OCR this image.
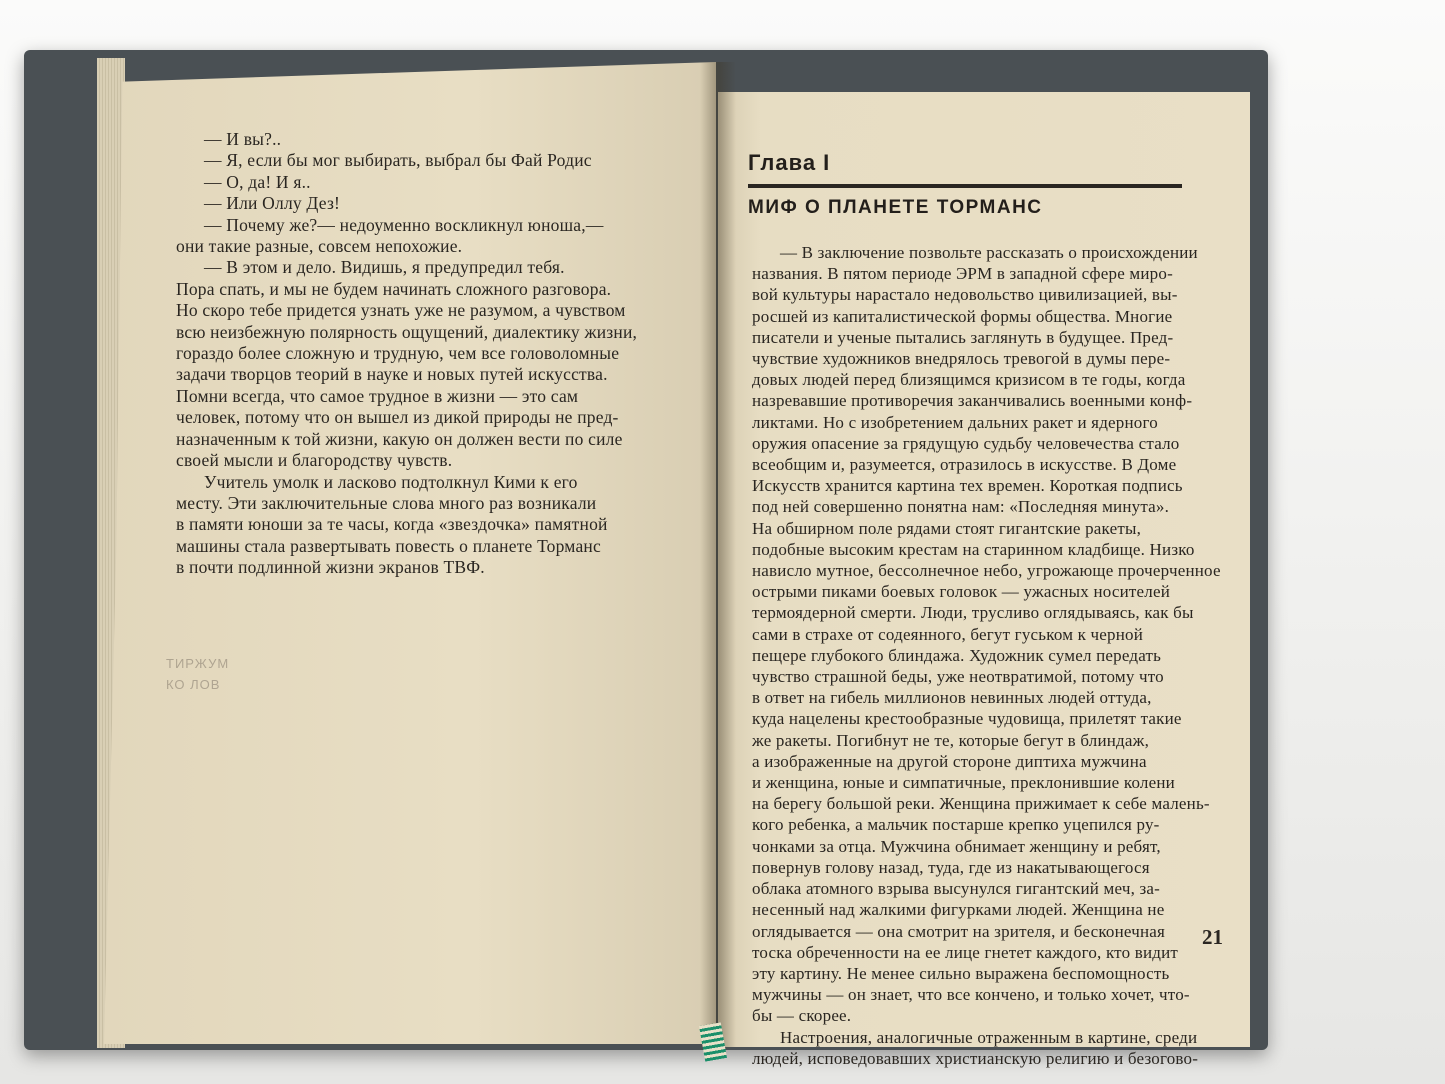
— И вы?..
— Я, если бы мог выбирать, выбрал бы Фай Родис
— О, да! И я..
— Или Оллу Дез!
— Почему же?— недоуменно воскликнул юноша,—
они такие разные, совсем непохожие.
— В этом и дело. Видишь, я предупредил тебя.
Пора спать, и мы не будем начинать сложного разговора.
Но скоро тебе придется узнать уже не разумом, а чувством
всю неизбежную полярность ощущений, диалектику жизни,
гораздо более сложную и трудную, чем все головоломные
задачи творцов теорий в науке и новых путей искусства.
Помни всегда, что самое трудное в жизни — это сам
человек, потому что он вышел из дикой природы не пред-
назначенным к той жизни, какую он должен вести по силе
своей мысли и благородству чувств.
Учитель умолк и ласково подтолкнул Кими к его
месту. Эти заключительные слова много раз возникали
в памяти юноши за те часы, когда «звездочка» памятной
машины стала развертывать повесть о планете Торманс
в почти подлинной жизни экранов ТВФ.

ТИРЖУМ

КО ЛОВ

Глава I

МИФ О ПЛАНЕТЕ ТОРМАНС

— В заключение позвольте рассказать о происхождении
названия. В пятом периоде ЭРМ в западной сфере миро-
вой культуры нарастало недовольство цивилизацией, вы-
росшей из капиталистической формы общества. Многие
писатели и ученые пытались заглянуть в будущее. Пред-
чувствие художников внедрялось тревогой в думы пере-
довых людей перед близящимся кризисом в те годы, когда
назревавшие противоречия заканчивались военными конф-
ликтами. Но с изобретением дальних ракет и ядерного
оружия опасение за грядущую судьбу человечества стало
всеобщим и, разумеется, отразилось в искусстве. В Доме
Искусств хранится картина тех времен. Короткая подпись
под ней совершенно понятна нам: «Последняя минута».
На обширном поле рядами стоят гигантские ракеты,
подобные высоким крестам на старинном кладбище. Низко
нависло мутное, бессолнечное небо, угрожающе прочерченное
острыми пиками боевых головок — ужасных носителей
термоядерной смерти. Люди, трусливо оглядываясь, как бы
сами в страхе от содеянного, бегут гуськом к черной
пещере глубокого блиндажа. Художник сумел передать
чувство страшной беды, уже неотвратимой, потому что
в ответ на гибель миллионов невинных людей оттуда,
куда нацелены крестообразные чудовища, прилетят такие
же ракеты. Погибнут не те, которые бегут в блиндаж,
а изображенные на другой стороне диптиха мужчина
и женщина, юные и симпатичные, преклонившие колени
на берегу большой реки. Женщина прижимает к себе малень-
кого ребенка, а мальчик постарше крепко уцепился ру-
чонками за отца. Мужчина обнимает женщину и ребят,
повернув голову назад, туда, где из накатывающегося
облака атомного взрыва высунулся гигантский меч, за-
несенный над жалкими фигурками людей. Женщина не
оглядывается — она смотрит на зрителя, и бесконечная
тоска обреченности на ее лице гнетет каждого, кто видит
эту картину. Не менее сильно выражена беспомощность
мужчины — он знает, что все кончено, и только хочет, что-
бы — скорее.
Настроения, аналогичные отраженным в картине, среди
людей, исповедовавших христианскую религию и безогово-

21
